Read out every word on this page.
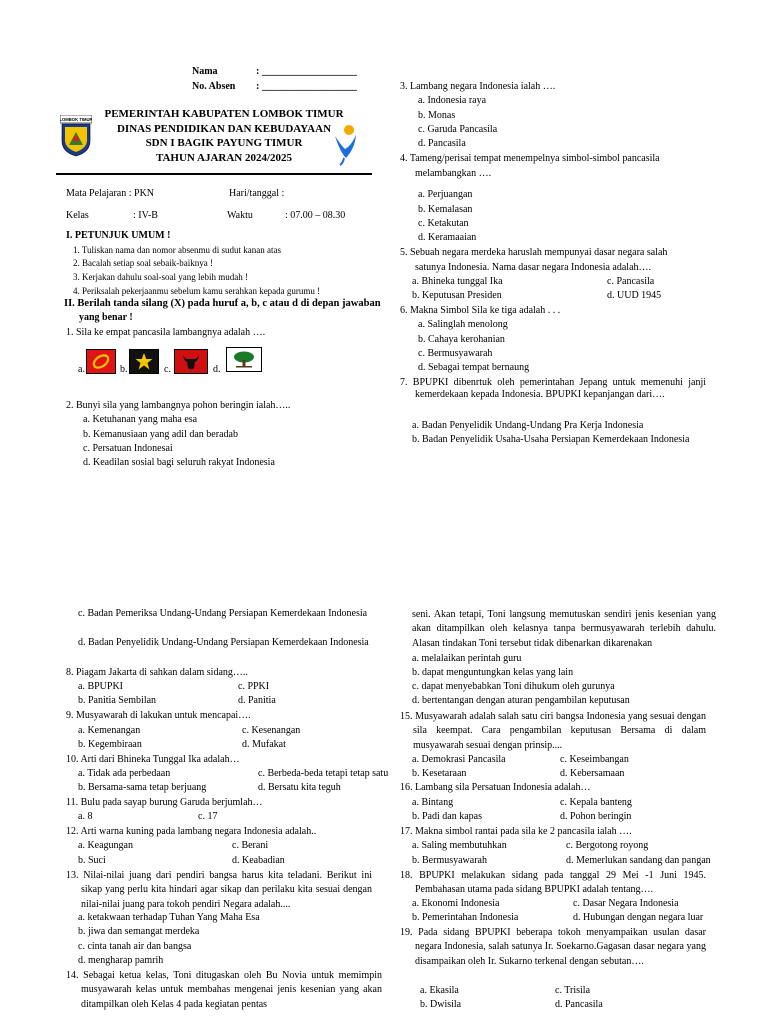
Nama	: ___________________
No. Absen : ___________________
LOMBOK TIMUR	PEMERINTAH KABUPATEN LOMBOK TIMUR
DINAS PENDIDIKAN DAN KEBUDAYAAN
SDN I BAGIK PAYUNG TIMUR
TAHUN AJARAN 2024/2025
Mata Pelajaran : PKN	Hari/tanggal :
Kelas	: IV-B	Waktu	: 07.00 – 08.30
I. PETUNJUK UMUM !
1. Tuliskan nama dan nomor absenmu di sudut kanan atas
2. Bacalah setiap soal sebaik-baiknya !
3. Kerjakan dahulu soal-soal yang lebih mudah !
4. Periksalah pekerjaanmu sebelum kamu serahkan kepada gurumu !
II. Berilah tanda silang (X) pada huruf a, b, c atau d di depan jawaban
yang benar !
1. Sila ke empat pancasila lambangnya adalah ….
a.	b.	c.	d.
2. Bunyi sila yang lambangnya pohon beringin ialah…..
a. Ketuhanan yang maha esa
b. Kemanusiaan yang adil dan beradab
c. Persatuan Indonesai
d. Keadilan sosial bagi seluruh rakyat Indonesia
3. Lambang negara Indonesia ialah ….
a. Indonesia raya
b. Monas
c. Garuda Pancasila
d. Pancasila
4. Tameng/perisai tempat menempelnya simbol-simbol pancasila
melambangkan ….
a. Perjuangan
b. Kemalasan
c. Ketakutan
d. Keramaaian
5. Sebuah negara merdeka haruslah mempunyai dasar negara salah
satunya Indonesia. Nama dasar negara Indonesia adalah….
a. Bhineka tunggal Ika
b. Keputusan Presiden
c. Pancasila
d. UUD 1945
6. Makna Simbol Sila ke tiga adalah . . .
a. Salinglah menolong
b. Cahaya kerohanian
c. Bermusyawarah
d. Sebagai tempat bernaung
7. BPUPKI dibenrtuk oleh pemerintahan Jepang untuk memenuhi janji kemerdekaan kepada Indonesia. BPUPKI kepanjangan dari….
a. Badan Penyelidik Undang-Undang Pra Kerja Indonesia
b. Badan Penyelidik Usaha-Usaha Persiapan Kemerdekaan Indonesia
c. Badan Pemeriksa Undang-Undang Persiapan Kemerdekaan Indonesia
d. Badan Penyelidik Undang-Undang Persiapan Kemerdekaan Indonesia
8. Piagam Jakarta di sahkan dalam sidang…..
a. BPUPKI
b. Panitia Sembilan
c. PPKI
d. Panitia
9. Musyawarah di lakukan untuk mencapai….
a. Kemenangan
b. Kegembiraan
c. Kesenangan
d. Mufakat
10. Arti dari Bhineka Tunggal Ika adalah…
a. Tidak ada perbedaan
b. Bersama-sama tetap berjuang
c. Berbeda-beda tetapi tetap satu
d. Bersatu kita teguh
11. Bulu pada sayap burung Garuda berjumlah…
a. 8	c. 17
12. Arti warna kuning pada lambang negara Indonesia adalah..
a. Keagungan
b. Suci
c. Berani
d. Keabadian
13. Nilai-nilai juang dari pendiri bangsa harus kita teladani. Berikut ini sikap yang perlu kita hindari agar sikap dan perilaku kita sesuai dengan nilai-nilai juang para tokoh pendiri Negara adalah....
a. ketakwaan terhadap Tuhan Yang Maha Esa
b. jiwa dan semangat merdeka
c. cinta tanah air dan bangsa
d. mengharap pamrih
14. Sebagai ketua kelas, Toni ditugaskan oleh Bu Novia untuk memimpin musyawarah kelas untuk membahas mengenai jenis kesenian yang akan ditampilkan oleh Kelas 4 pada kegiatan pentas
seni. Akan tetapi, Toni langsung memutuskan sendiri jenis kesenian yang akan ditampilkan oleh kelasnya tanpa bermusyawarah terlebih dahulu. Alasan tindakan Toni tersebut tidak dibenarkan dikarenakan
a. melalaikan perintah guru
b. dapat menguntungkan kelas yang lain
c. dapat menyebabkan Toni dihukum oleh gurunya
d. bertentangan dengan aturan pengambilan keputusan
15. Musyawarah adalah salah satu ciri bangsa Indonesia yang sesuai dengan sila keempat. Cara pengambilan keputusan Bersama di dalam musyawarah sesuai dengan prinsip....
a. Demokrasi Pancasila
b. Kesetaraan
c. Keseimbangan
d. Kebersamaan
16. Lambang sila Persatuan Indonesia adalah…
a. Bintang
b. Padi dan kapas
c. Kepala banteng
d. Pohon beringin
17. Makna simbol rantai pada sila ke 2 pancasila ialah ….
a. Saling membutuhkan
b. Bermusyawarah
c. Bergotong royong
d. Memerlukan sandang dan pangan
18. BPUPKI melakukan sidang pada tanggal 29 Mei -1 Juni 1945. Pembahasan utama pada sidang BPUPKI adalah tentang….
a. Ekonomi Indonesia
b. Pemerintahan Indonesia
c. Dasar Negara Indonesia
d. Hubungan dengan negara luar
19. Pada sidang BPUPKI beberapa tokoh menyampaikan usulan dasar negara Indonesia, salah satunya Ir. Soekarno.Gagasan dasar negara yang disampaikan oleh Ir. Sukarno terkenal dengan sebutan….
a. Ekasila
b. Dwisila
c. Trisila
d. Pancasila
